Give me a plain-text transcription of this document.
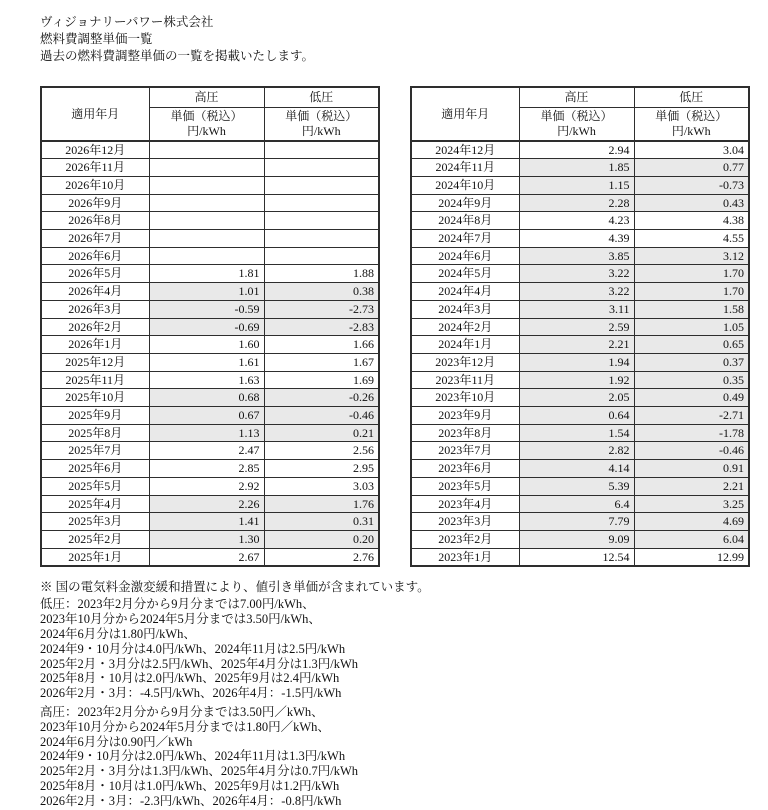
ヴィジョナリーパワー株式会社
燃料費調整単価一覧
過去の燃料費調整単価の一覧を掲載いたします。
適用年月	高圧	低圧
	単価（税込）
円/kWh	単価（税込）
円/kWh
2026年12月		
2026年11月		
2026年10月		
2026年9月		
2026年8月		
2026年7月		
2026年6月		
2026年5月	1.81	1.88
2026年4月	1.01	0.38
2026年3月	-0.59	-2.73
2026年2月	-0.69	-2.83
2026年1月	1.60	1.66
2025年12月	1.61	1.67
2025年11月	1.63	1.69
2025年10月	0.68	-0.26
2025年9月	0.67	-0.46
2025年8月	1.13	0.21
2025年7月	2.47	2.56
2025年6月	2.85	2.95
2025年5月	2.92	3.03
2025年4月	2.26	1.76
2025年3月	1.41	0.31
2025年2月	1.30	0.20
2025年1月	2.67	2.76
適用年月	高圧	低圧
	単価（税込）
円/kWh	単価（税込）
円/kWh
2024年12月	2.94	3.04
2024年11月	1.85	0.77
2024年10月	1.15	-0.73
2024年9月	2.28	0.43
2024年8月	4.23	4.38
2024年7月	4.39	4.55
2024年6月	3.85	3.12
2024年5月	3.22	1.70
2024年4月	3.22	1.70
2024年3月	3.11	1.58
2024年2月	2.59	1.05
2024年1月	2.21	0.65
2023年12月	1.94	0.37
2023年11月	1.92	0.35
2023年10月	2.05	0.49
2023年9月	0.64	-2.71
2023年8月	1.54	-1.78
2023年7月	2.82	-0.46
2023年6月	4.14	0.91
2023年5月	5.39	2.21
2023年4月	6.4	3.25
2023年3月	7.79	4.69
2023年2月	9.09	6.04
2023年1月	12.54	12.99
※ 国の電気料金激変緩和措置により、値引き単価が含まれています。
低圧：2023年2月分から9月分までは7.00円/kWh、
2023年10月分から2024年5月分までは3.50円/kWh、
2024年6月分は1.80円/kWh、
2024年9・10月分は4.0円/kWh、2024年11月は2.5円/kWh
2025年2月・3月分は2.5円/kWh、2025年4月分は1.3円/kWh
2025年8月・10月は2.0円/kWh、2025年9月は2.4円/kWh
2026年2月・3月：-4.5円/kWh、2026年4月：-1.5円/kWh
高圧：2023年2月分から9月分までは3.50円／kWh、
2023年10月分から2024年5月分までは1.80円／kWh、
2024年6月分は0.90円／kWh
2024年9・10月分は2.0円/kWh、2024年11月は1.3円/kWh
2025年2月・3月分は1.3円/kWh、2025年4月分は0.7円/kWh
2025年8月・10月は1.0円/kWh、2025年9月は1.2円/kWh
2026年2月・3月：-2.3円/kWh、2026年4月：-0.8円/kWh
